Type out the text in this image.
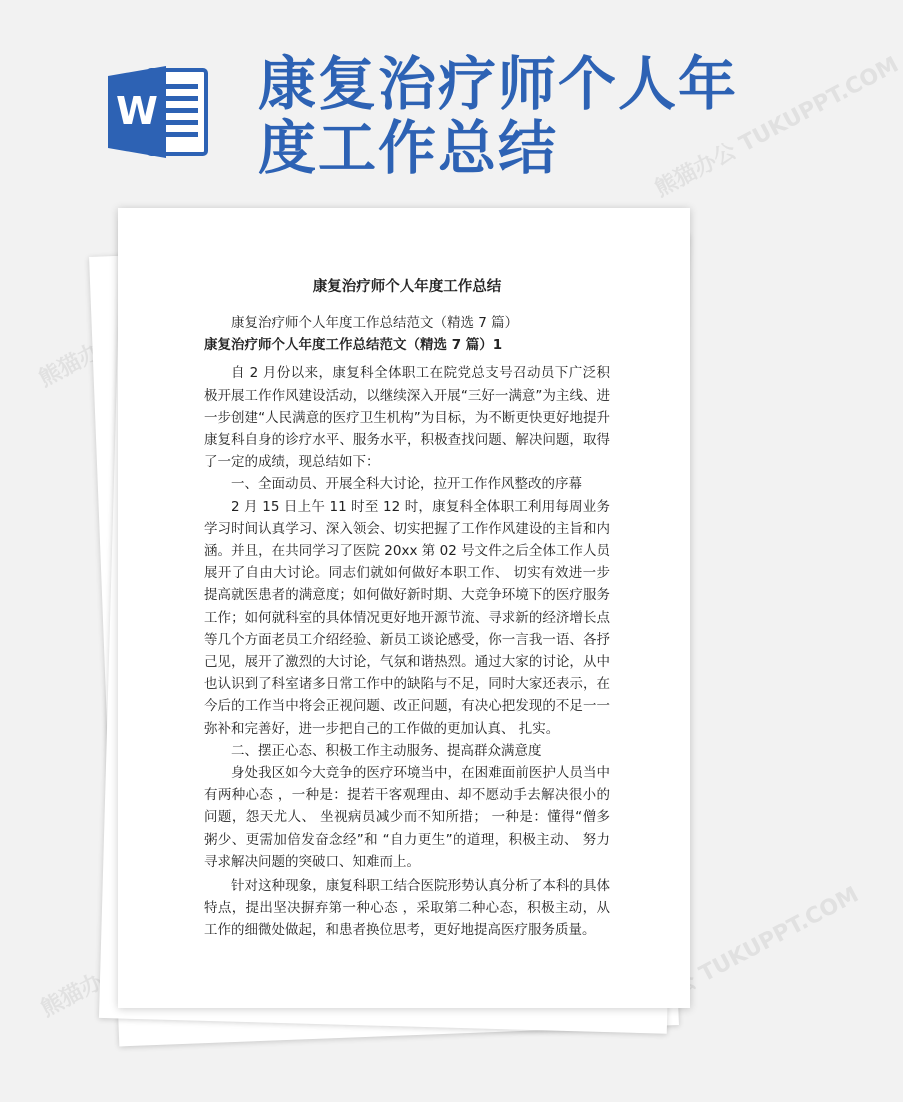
W 康复治疗师个人年度工作总结
熊猫办公
熊猫办公 TUKUPPT.COM
熊猫办公	熊猫办公 TUKUPPT.COM
康复治疗师个人年度工作总结

康复治疗师个人年度工作总结范文（精选 7 篇）

康复治疗师个人年度工作总结范文（精选 7 篇）1

自 2 月份以来，康复科全体职工在院党总支号召动员下广泛积极开展工作作风建设活动，以继续深入开展“三好一满意”为主线、进一步创建“人民满意的医疗卫生机构”为目标，为不断更快更好地提升康复科自身的诊疗水平、服务水平，积极查找问题、解决问题，取得了一定的成绩，现总结如下：

一、全面动员、开展全科大讨论，拉开工作作风整改的序幕

2 月 15 日上午 11 时至 12 时，康复科全体职工利用每周业务学习时间认真学习、深入领会、切实把握了工作作风建设的主旨和内涵。并且，在共同学习了医院 20xx 第 02 号文件之后全体工作人员展开了自由大讨论。同志们就如何做好本职工作、 切实有效进一步提高就医患者的满意度；如何做好新时期、大竞争环境下的医疗服务工作；如何就科室的具体情况更好地开源节流、寻求新的经济增长点等几个方面老员工介绍经验、新员工谈论感受，你一言我一语、各抒己见，展开了激烈的大讨论，气氛和谐热烈。通过大家的讨论，从中也认识到了科室诸多日常工作中的缺陷与不足，同时大家还表示，在今后的工作当中将会正视问题、改正问题，有决心把发现的不足一一弥补和完善好，进一步把自己的工作做的更加认真、 扎实。

二、摆正心态、积极工作主动服务、提高群众满意度

身处我区如今大竞争的医疗环境当中，在困难面前医护人员当中有两种心态 ，一种是：提若干客观理由、却不愿动手去解决很小的问题，怨天尤人、 坐视病员减少而不知所措； 一种是：懂得“僧多粥少、更需加倍发奋念经”和 “自力更生”的道理，积极主动、 努力寻求解决问题的突破口、知难而上。

针对这种现象，康复科职工结合医院形势认真分析了本科的具体特点，提出坚决摒弃第一种心态 ，采取第二种心态，积极主动，从工作的细微处做起，和患者换位思考，更好地提高医疗服务质量。
